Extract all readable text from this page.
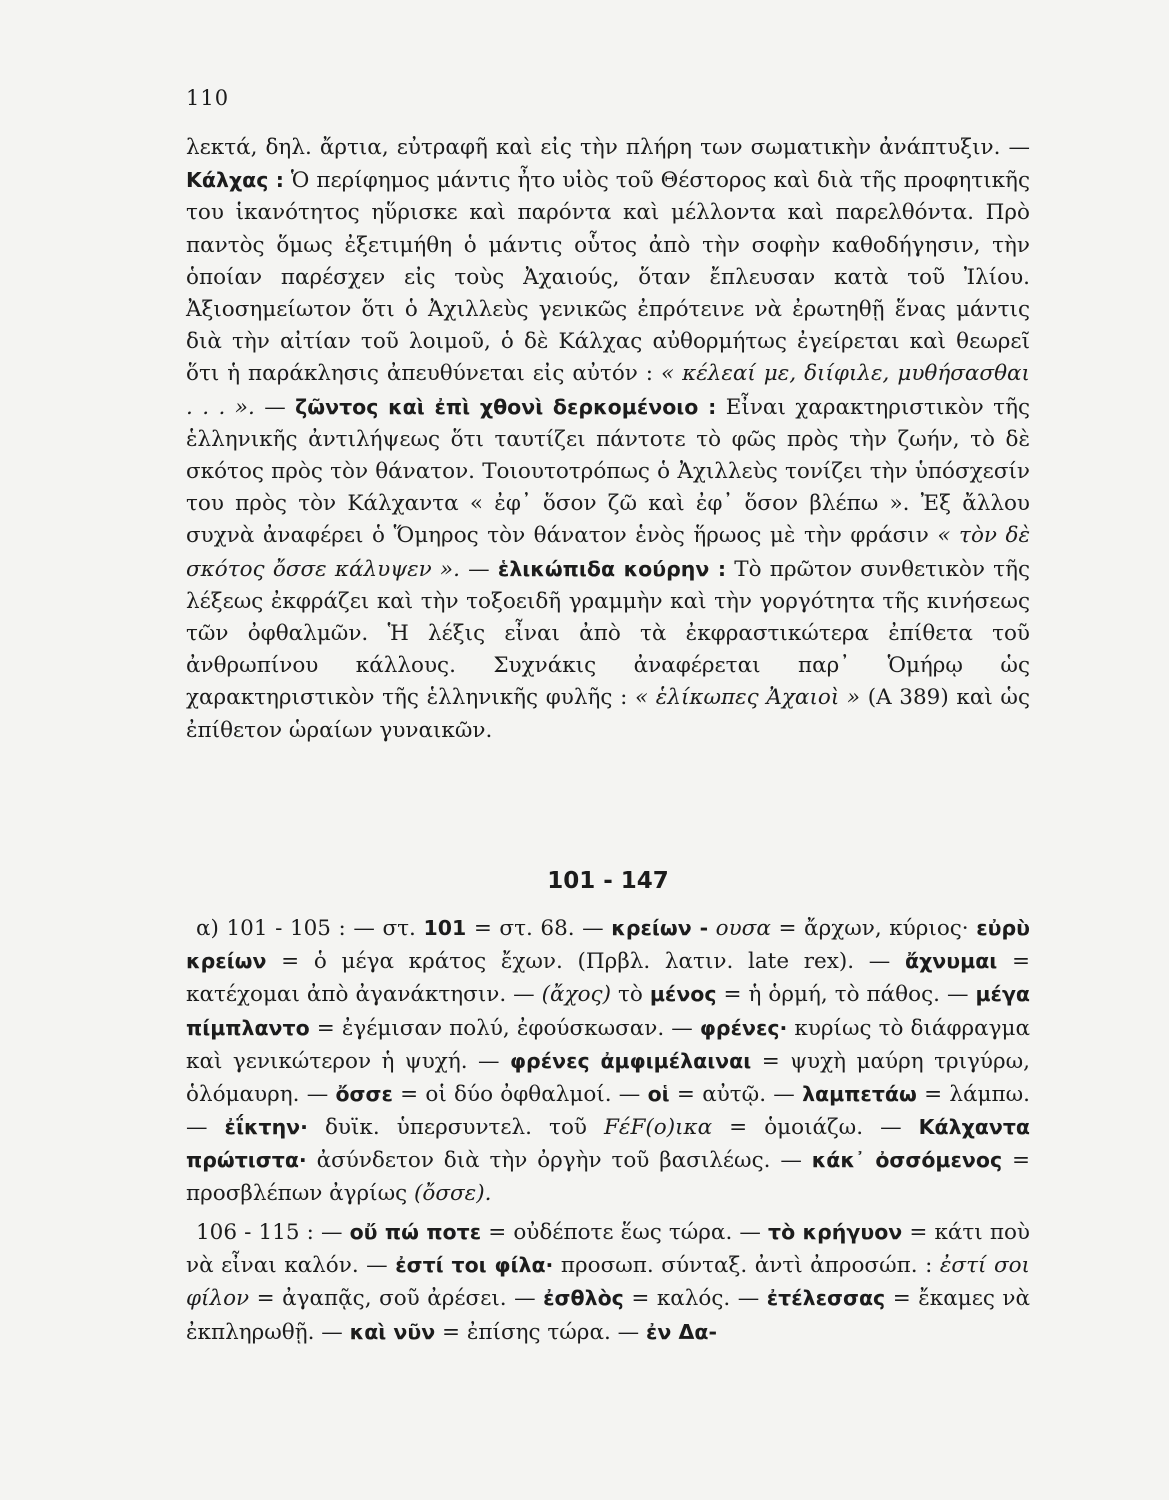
110

λεκτά, δηλ. ἄρτια, εὐτραφῆ καὶ εἰς τὴν πλήρη των σωματικὴν ἀνάπτυξιν. — Κάλχας : Ὁ περίφημος μάντις ἦτο υἱὸς τοῦ Θέστορος καὶ διὰ τῆς προφητικῆς του ἱκανότητος ηὕρισκε καὶ παρόντα καὶ μέλλοντα καὶ παρελθόντα. Πρὸ παντὸς ὅμως ἐξετιμήθη ὁ μάντις οὗτος ἀπὸ τὴν σοφὴν καθοδήγησιν, τὴν ὁποίαν παρέσχεν εἰς τοὺς Ἀχαιούς, ὅταν ἔπλευσαν κατὰ τοῦ Ἰλίου. Ἀξιοσημείωτον ὅτι ὁ Ἀχιλλεὺς γενικῶς ἐπρότεινε νὰ ἐρωτηθῇ ἕνας μάντις διὰ τὴν αἰτίαν τοῦ λοιμοῦ, ὁ δὲ Κάλχας αὐθορμήτως ἐγείρεται καὶ θεωρεῖ ὅτι ἡ παράκλησις ἀπευθύνεται εἰς αὐτόν : « κέλεαί με, διίφιλε, μυθήσασθαι . . . ». — ζῶντος καὶ ἐπὶ χθονὶ δερκομένοιο : Εἶναι χαρακτηριστικὸν τῆς ἑλληνικῆς ἀντιλήψεως ὅτι ταυτίζει πάντοτε τὸ φῶς πρὸς τὴν ζωήν, τὸ δὲ σκότος πρὸς τὸν θάνατον. Τοιουτοτρόπως ὁ Ἀχιλλεὺς τονίζει τὴν ὑπόσχεσίν του πρὸς τὸν Κάλχαντα « ἐφ᾽ ὅσον ζῶ καὶ ἐφ᾽ ὅσον βλέπω ». Ἐξ ἄλλου συχνὰ ἀναφέρει ὁ Ὅμηρος τὸν θάνατον ἑνὸς ἥρωος μὲ τὴν φράσιν « τὸν δὲ σκότος ὄσσε κάλυψεν ». — ἑλικώπιδα κούρην : Τὸ πρῶτον συνθετικὸν τῆς λέξεως ἐκφράζει καὶ τὴν τοξοειδῆ γραμμὴν καὶ τὴν γοργότητα τῆς κινήσεως τῶν ὀφθαλμῶν. Ἡ λέξις εἶναι ἀπὸ τὰ ἐκφραστικώτερα ἐπίθετα τοῦ ἀνθρωπίνου κάλλους. Συχνάκις ἀναφέρεται παρ᾽ Ὁμήρῳ ὡς χαρακτηριστικὸν τῆς ἑλληνικῆς φυλῆς : « ἑλίκωπες Ἀχαιοὶ » (Α 389) καὶ ὡς ἐπίθετον ὡραίων γυναικῶν.

101 - 147

α) 101 - 105 : — στ. 101 = στ. 68. — κρείων - ουσα = ἄρχων, κύριος· εὐρὺ κρείων = ὁ μέγα κράτος ἔχων. (Πρβλ. λατιν. late rex). — ἄχνυμαι = κατέχομαι ἀπὸ ἀγανάκτησιν. — (ἄχος) τὸ μένος = ἡ ὁρμή, τὸ πάθος. — μέγα πίμπλαντο = ἐγέμισαν πολύ, ἐφούσκωσαν. — φρένες· κυρίως τὸ διάφραγμα καὶ γενικώτερον ἡ ψυχή. — φρένες ἀμφιμέλαιναι = ψυχὴ μαύρη τριγύρω, ὁλόμαυρη. — ὄσσε = οἱ δύο ὀφθαλμοί. — οἱ = αὐτῷ. — λαμπετάω = λάμπω. — ἐΐκτην· δυϊκ. ὑπερσυντελ. τοῦ FέF(ο)ικα = ὁμοιάζω. — Κάλχαντα πρώτιστα· ἀσύνδετον διὰ τὴν ὀργὴν τοῦ βασιλέως. — κάκ᾽ ὀσσόμενος = προσβλέπων ἀγρίως (ὄσσε).

106 - 115 : — οὔ πώ ποτε = οὐδέποτε ἕως τώρα. — τὸ κρήγυον = κάτι ποὺ νὰ εἶναι καλόν. — ἐστί τοι φίλα· προσωπ. σύνταξ. ἀντὶ ἀπροσώπ. : ἐστί σοι φίλον = ἀγαπᾷς, σοῦ ἀρέσει. — ἐσθλὸς = καλός. — ἐτέλεσσας = ἔκαμες νὰ ἐκπληρωθῇ. — καὶ νῦν = ἐπίσης τώρα. — ἐν Δα-
